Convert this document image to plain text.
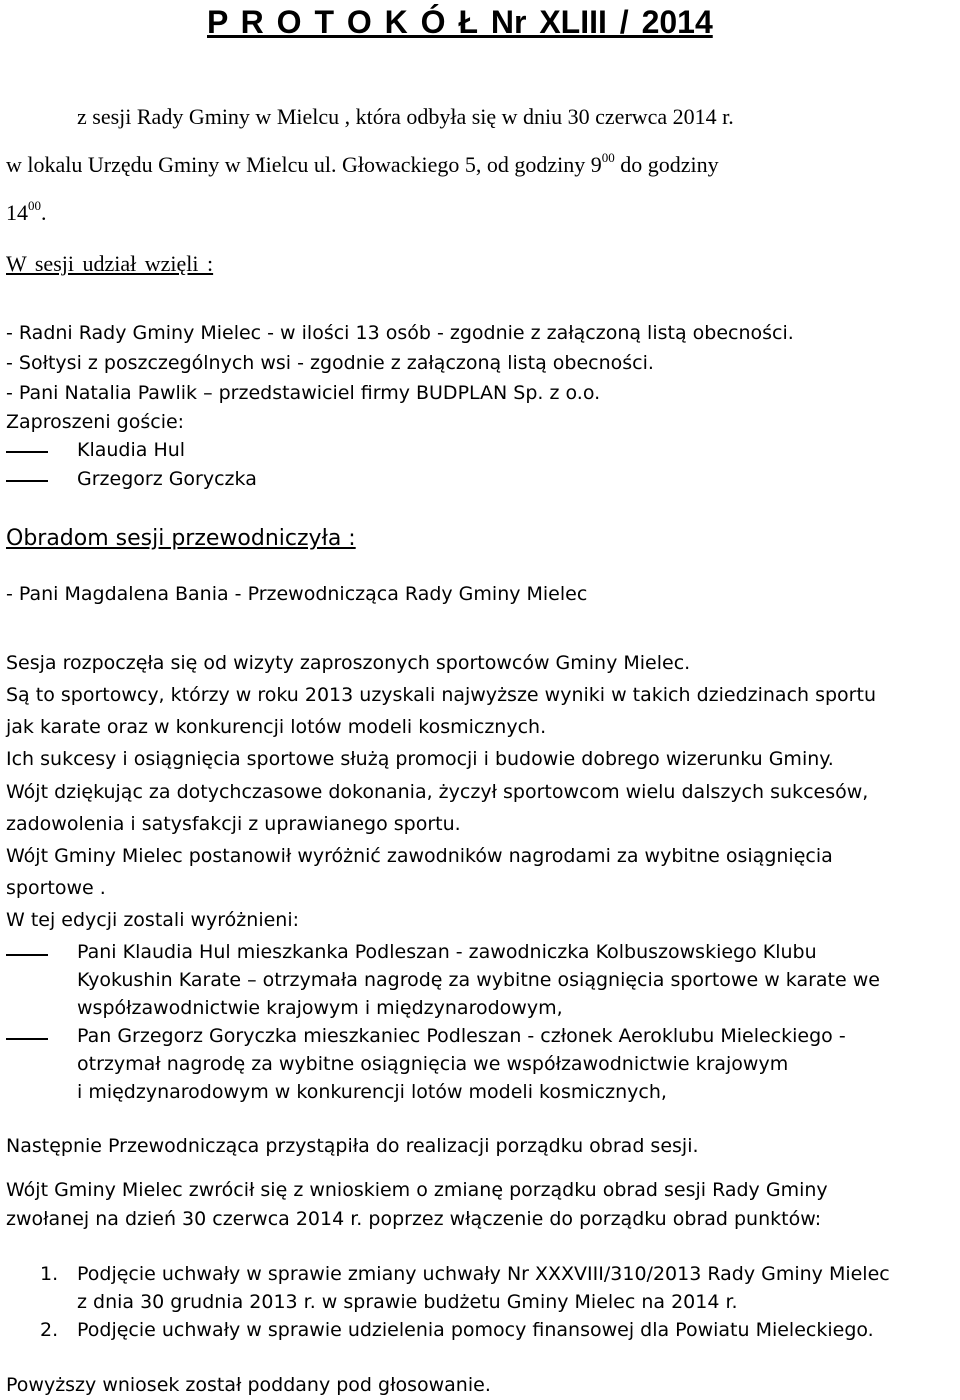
P R O T O K Ó Ł Nr XLIII / 2014
z sesji Rady Gminy w Mielcu , która odbyła się w dniu 30 czerwca 2014 r.
w lokalu Urzędu Gminy w Mielcu ul. Głowackiego 5, od godziny $9^{00}$ do godziny
$14^{00}$.
W sesji udział wzięli :
- Radni Rady Gminy Mielec - w ilości 13 osób - zgodnie z załączoną listą obecności.
- Sołtysi z poszczególnych wsi - zgodnie z załączoną listą obecności.
- Pani Natalia Pawlik – przedstawiciel firmy BUDPLAN Sp. z o.o.
Zaproszeni goście:
Klaudia Hul
Grzegorz Goryczka
Obradom sesji przewodniczyła :
- Pani Magdalena Bania - Przewodnicząca Rady Gminy Mielec
Sesja rozpoczęła się od wizyty zaproszonych sportowców Gminy Mielec.
Są to sportowcy, którzy w roku 2013 uzyskali najwyższe wyniki w takich dziedzinach sportu
jak karate oraz w konkurencji lotów modeli kosmicznych.
Ich sukcesy i osiągnięcia sportowe służą promocji i budowie dobrego wizerunku Gminy.
Wójt dziękując za dotychczasowe dokonania, życzył sportowcom wielu dalszych sukcesów,
zadowolenia i satysfakcji z uprawianego sportu.
Wójt Gminy Mielec postanowił wyróżnić zawodników nagrodami za wybitne osiągnięcia
sportowe .
W tej edycji zostali wyróżnieni:
Pani Klaudia Hul mieszkanka Podleszan - zawodniczka Kolbuszowskiego Klubu
Kyokushin Karate – otrzymała nagrodę za wybitne osiągnięcia sportowe w karate we
współzawodnictwie krajowym i międzynarodowym,
Pan Grzegorz Goryczka mieszkaniec Podleszan - członek Aeroklubu Mieleckiego -
otrzymał nagrodę za wybitne osiągnięcia we współzawodnictwie krajowym
i międzynarodowym w konkurencji lotów modeli kosmicznych,
Następnie Przewodnicząca przystąpiła do realizacji porządku obrad sesji.
Wójt Gminy Mielec zwrócił się z wnioskiem o zmianę porządku obrad sesji Rady Gminy
zwołanej na dzień 30 czerwca 2014 r. poprzez włączenie do porządku obrad punktów:
1. Podjęcie uchwały w sprawie zmiany uchwały Nr XXXVIII/310/2013 Rady Gminy Mielec
z dnia 30 grudnia 2013 r. w sprawie budżetu Gminy Mielec na 2014 r.
2. Podjęcie uchwały w sprawie udzielenia pomocy finansowej dla Powiatu Mieleckiego.
Powyższy wniosek został poddany pod głosowanie.
